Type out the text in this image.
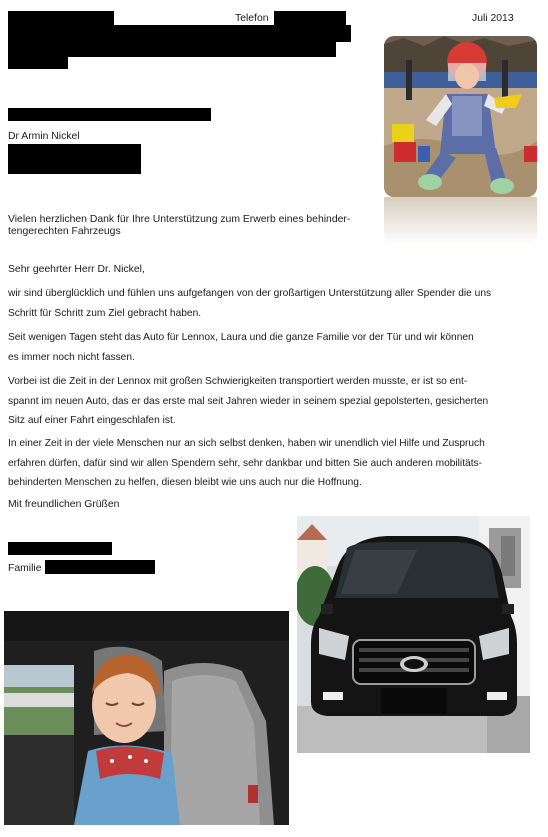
Telefon	Juli 2013
Dr Armin Nickel
Vielen herzlichen Dank für Ihre Unterstützung zum Erwerb eines behinder-
tengerechten Fahrzeugs
Sehr geehrter Herr Dr. Nickel,
wir sind überglücklich und fühlen uns aufgefangen von der großartigen Unterstützung aller Spender die uns
Schritt für Schritt zum Ziel gebracht haben.
Seit wenigen Tagen steht das Auto für Lennox, Laura und die ganze Familie vor der Tür und wir können
es immer noch nicht fassen.
Vorbei ist die Zeit in der Lennox mit großen Schwierigkeiten transportiert werden musste, er ist so ent-
spannt im neuen Auto, das er das erste mal seit Jahren wieder in seinem spezial gepolsterten, gesicherten
Sitz auf einer Fahrt eingeschlafen ist.
In einer Zeit in der viele Menschen nur an sich selbst denken, haben wir unendlich viel Hilfe und Zuspruch
erfahren dürfen, dafür sind wir allen Spendern sehr, sehr dankbar und bitten Sie auch anderen mobilitäts-
behinderten Menschen zu helfen, diesen bleibt wie uns auch nur die Hoffnung.
Mit freundlichen Grüßen
Familie
